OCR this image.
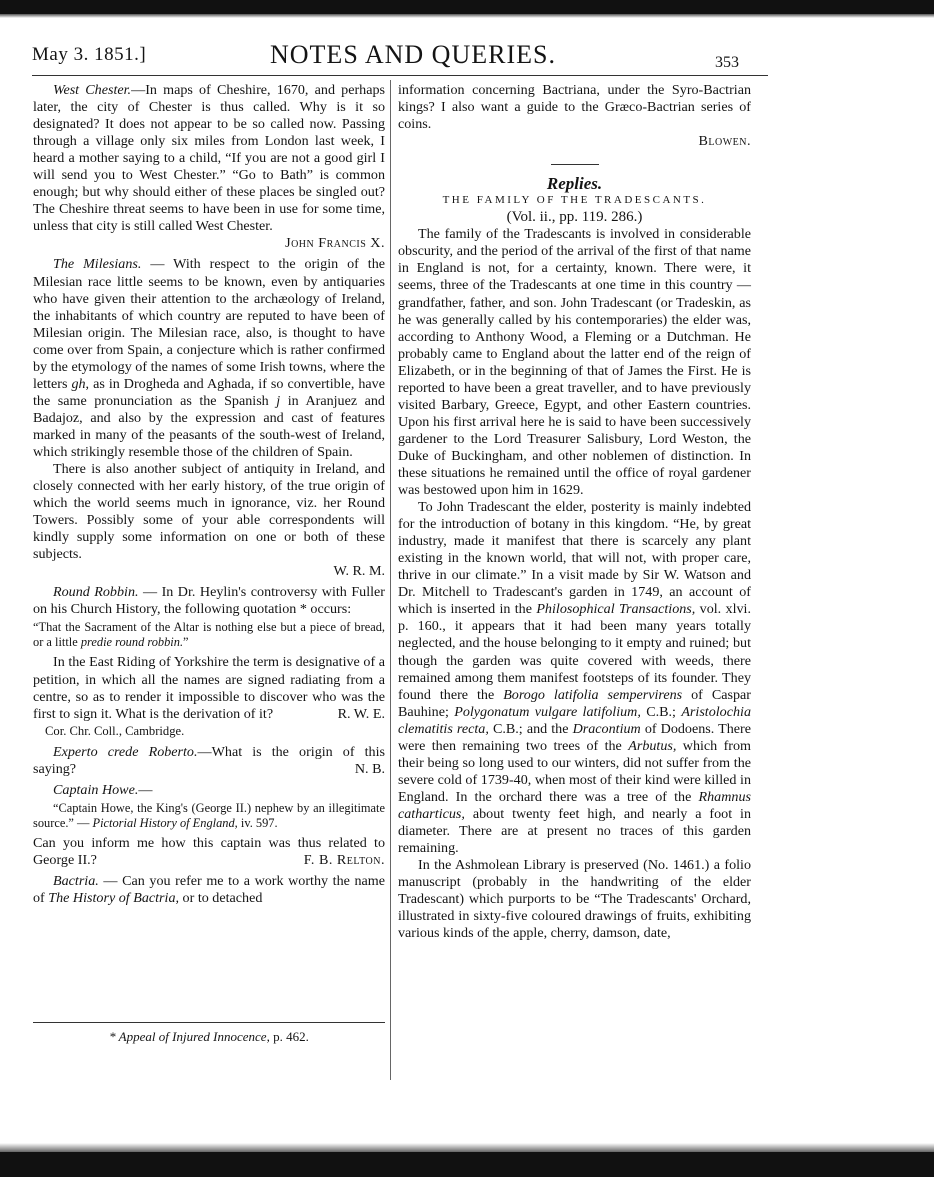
May 3. 1851.]	NOTES AND QUERIES.	353

West Chester.—In maps of Cheshire, 1670, and perhaps later, the city of Chester is thus called. Why is it so designated? It does not appear to be so called now. Passing through a village only six miles from London last week, I heard a mother saying to a child, “If you are not a good girl I will send you to West Chester.” “Go to Bath” is common enough; but why should either of these places be singled out? The Cheshire threat seems to have been in use for some time, unless that city is still called West Chester.

John Francis X.

The Milesians. — With respect to the origin of the Milesian race little seems to be known, even by antiquaries who have given their attention to the archæology of Ireland, the inhabitants of which country are reputed to have been of Milesian origin. The Milesian race, also, is thought to have come over from Spain, a conjecture which is rather confirmed by the etymology of the names of some Irish towns, where the letters gh, as in Drogheda and Aghada, if so convertible, have the same pronunciation as the Spanish j in Aranjuez and Badajoz, and also by the expression and cast of features marked in many of the peasants of the south-west of Ireland, which strikingly resemble those of the children of Spain.

There is also another subject of antiquity in Ireland, and closely connected with her early history, of the true origin of which the world seems much in ignorance, viz. her Round Towers. Possibly some of your able correspondents will kindly supply some information on one or both of these subjects.

W. R. M.

Round Robbin. — In Dr. Heylin's controversy with Fuller on his Church History, the following quotation * occurs:

“That the Sacrament of the Altar is nothing else but a piece of bread, or a little predie round robbin.”

In the East Riding of Yorkshire the term is designative of a petition, in which all the names are signed radiating from a centre, so as to render it impossible to discover who was the first to sign it. What is the derivation of it?	R. W. E.

Cor. Chr. Coll., Cambridge.

Experto crede Roberto.—What is the origin of this saying?	N. B.

Captain Howe.—

“Captain Howe, the King's (George II.) nephew by an illegitimate source.” — Pictorial History of England, iv. 597.

Can you inform me how this captain was thus related to George II.?	F. B. Relton.

Bactria. — Can you refer me to a work worthy the name of The History of Bactria, or to detached

* Appeal of Injured Innocence, p. 462.

information concerning Bactriana, under the Syro-Bactrian kings? I also want a guide to the Græco-Bactrian series of coins.

Blowen.

Replies.

THE FAMILY OF THE TRADESCANTS.

(Vol. ii., pp. 119. 286.)

The family of the Tradescants is involved in considerable obscurity, and the period of the arrival of the first of that name in England is not, for a certainty, known. There were, it seems, three of the Tradescants at one time in this country — grandfather, father, and son. John Tradescant (or Tradeskin, as he was generally called by his contemporaries) the elder was, according to Anthony Wood, a Fleming or a Dutchman. He probably came to England about the latter end of the reign of Elizabeth, or in the beginning of that of James the First. He is reported to have been a great traveller, and to have previously visited Barbary, Greece, Egypt, and other Eastern countries. Upon his first arrival here he is said to have been successively gardener to the Lord Treasurer Salisbury, Lord Weston, the Duke of Buckingham, and other noblemen of distinction. In these situations he remained until the office of royal gardener was bestowed upon him in 1629.

To John Tradescant the elder, posterity is mainly indebted for the introduction of botany in this kingdom. “He, by great industry, made it manifest that there is scarcely any plant existing in the known world, that will not, with proper care, thrive in our climate.” In a visit made by Sir W. Watson and Dr. Mitchell to Tradescant's garden in 1749, an account of which is inserted in the Philosophical Transactions, vol. xlvi. p. 160., it appears that it had been many years totally neglected, and the house belonging to it empty and ruined; but though the garden was quite covered with weeds, there remained among them manifest footsteps of its founder. They found there the Borogo latifolia sempervirens of Caspar Bauhine; Polygonatum vulgare latifolium, C.B.; Aristolochia clematitis recta, C.B.; and the Dracontium of Dodoens. There were then remaining two trees of the Arbutus, which from their being so long used to our winters, did not suffer from the severe cold of 1739-40, when most of their kind were killed in England. In the orchard there was a tree of the Rhamnus catharticus, about twenty feet high, and nearly a foot in diameter. There are at present no traces of this garden remaining.

In the Ashmolean Library is preserved (No. 1461.) a folio manuscript (probably in the handwriting of the elder Tradescant) which purports to be “The Tradescants' Orchard, illustrated in sixty-five coloured drawings of fruits, exhibiting various kinds of the apple, cherry, damson, date,
